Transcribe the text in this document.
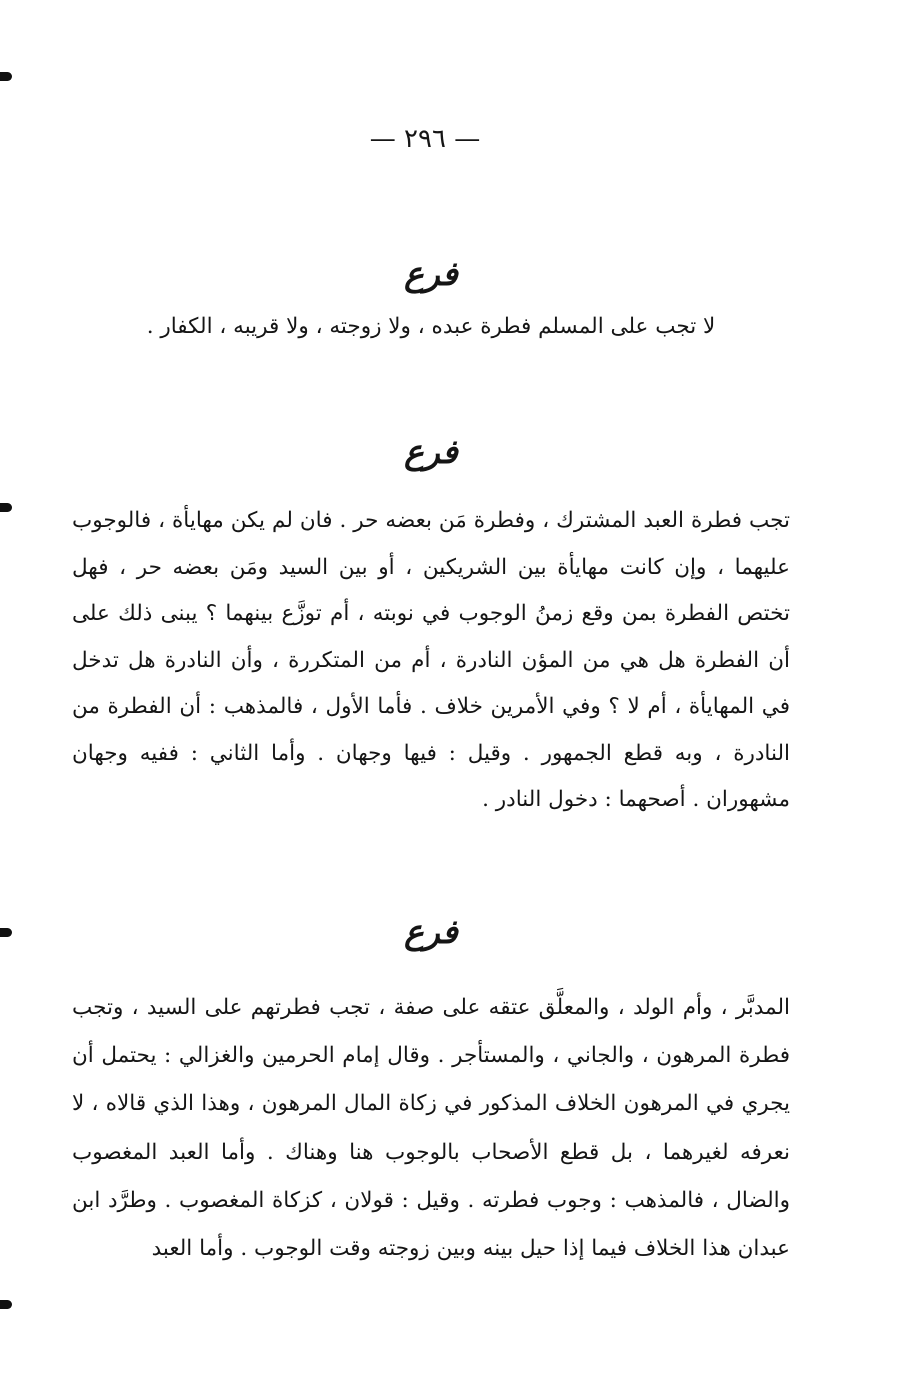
— ٢٩٦ —
فرع

لا تجب على المسلم فطرة عبده ، ولا زوجته ، ولا قريبه ، الكفار .

فرع

تجب فطرة العبد المشترك ، وفطرة مَن بعضه حر . فان لم يكن مهايأة ، فالوجوب عليهما ، وإن كانت مهايأة بين الشريكين ، أو بين السيد ومَن بعضه حر ، فهل تختص الفطرة بمن وقع زمنُ الوجوب في نوبته ، أم توزَّع بينهما ؟ يبنى ذلك على أن الفطرة هل هي من المؤن النادرة ، أم من المتكررة ، وأن النادرة هل تدخل في المهايأة ، أم لا ؟ وفي الأمرين خلاف . فأما الأول ، فالمذهب : أن الفطرة من النادرة ، وبه قطع الجمهور . وقيل : فيها وجهان . وأما الثاني : ففيه وجهان مشهوران . أصحهما : دخول النادر .

فرع

المدبَّر ، وأم الولد ، والمعلَّق عتقه على صفة ، تجب فطرتهم على السيد ، وتجب فطرة المرهون ، والجاني ، والمستأجر . وقال إمام الحرمين والغزالي : يحتمل أن يجري في المرهون الخلاف المذكور في زكاة المال المرهون ، وهذا الذي قالاه ، لا نعرفه لغيرهما ، بل قطع الأصحاب بالوجوب هنا وهناك . وأما العبد المغصوب والضال ، فالمذهب : وجوب فطرته . وقيل : قولان ، كزكاة المغصوب . وطرَّد ابن عبدان هذا الخلاف فيما إذا حيل بينه وبين زوجته وقت الوجوب . وأما العبد
